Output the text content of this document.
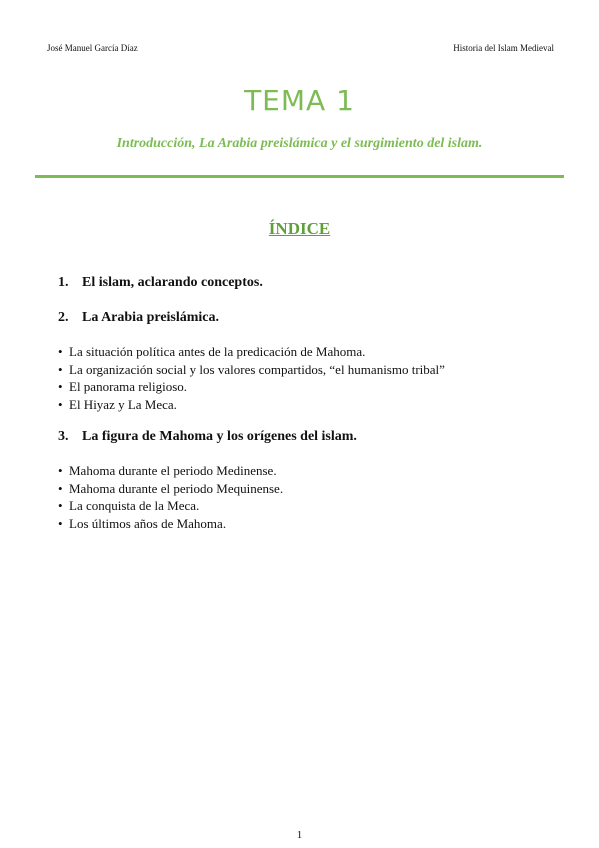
José Manuel García Díaz	Historia del Islam Medieval
TEMA 1
Introducción, La Arabia preislámica y el surgimiento del islam.
ÍNDICE
1. El islam, aclarando conceptos.
2. La Arabia preislámica.
• La situación política antes de la predicación de Mahoma.
• La organización social y los valores compartidos, “el humanismo tribal”
• El panorama religioso.
• El Hiyaz y La Meca.
3. La figura de Mahoma y los orígenes del islam.
• Mahoma durante el periodo Medinense.
• Mahoma durante el periodo Mequinense.
• La conquista de la Meca.
• Los últimos años de Mahoma.
1
